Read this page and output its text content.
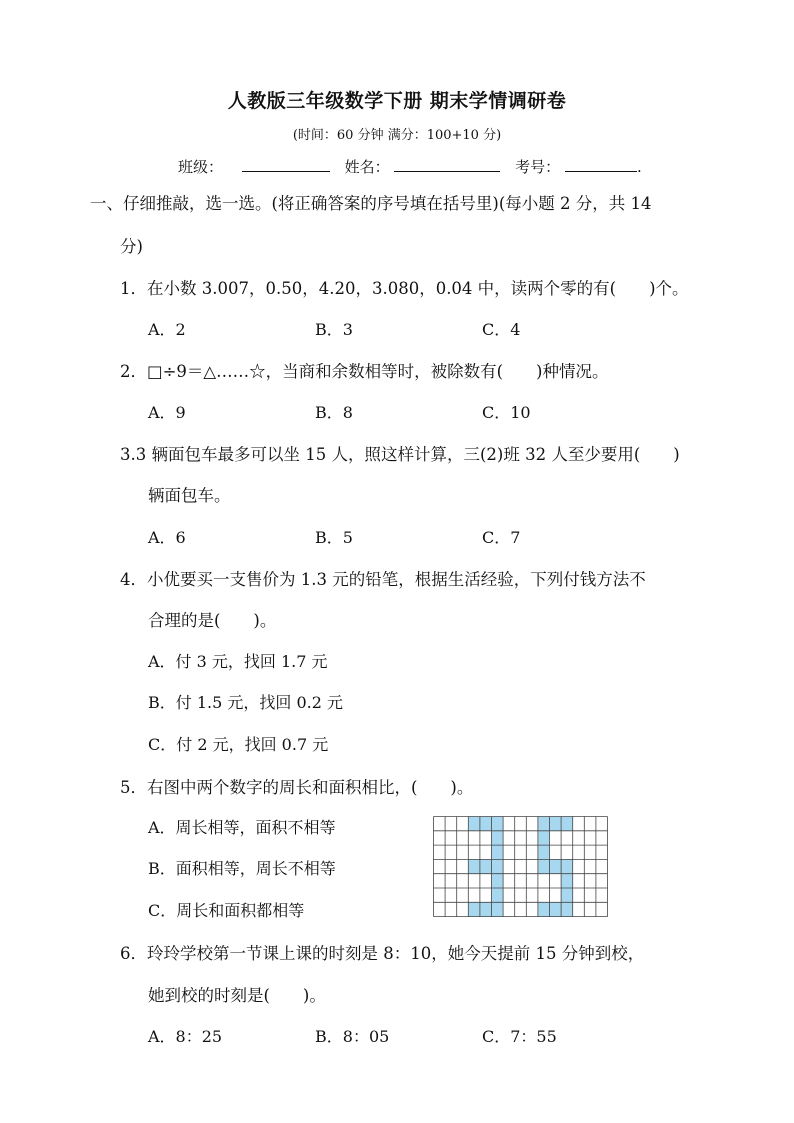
人教版三年级数学下册 期末学情调研卷
(时间：60 分钟 满分：100+10 分)
班级：	姓名：	考号：	.
一、仔细推敲，选一选。(将正确答案的序号填在括号里)(每小题 2 分，共 14
分)
1．在小数 3.007，0.50，4.20，3.080，0.04 中，读两个零的有(　　)个。
A．2	B．3	C．4
2．□÷9＝△……☆，当商和余数相等时，被除数有(　　)种情况。
A．9	B．8	C．10
3.3 辆面包车最多可以坐 15 人，照这样计算，三(2)班 32 人至少要用(　　)
辆面包车。
A．6	B．5	C．7
4．小优要买一支售价为 1.3 元的铅笔，根据生活经验，下列付钱方法不
合理的是(　　)。
A．付 3 元，找回 1.7 元
B．付 1.5 元，找回 0.2 元
C．付 2 元，找回 0.7 元
5．右图中两个数字的周长和面积相比，(　　)。
A．周长相等，面积不相等
B．面积相等，周长不相等
C．周长和面积都相等
6．玲玲学校第一节课上课的时刻是 8：10，她今天提前 15 分钟到校，
她到校的时刻是(　　)。
A．8：25	B．8：05	C．7：55
